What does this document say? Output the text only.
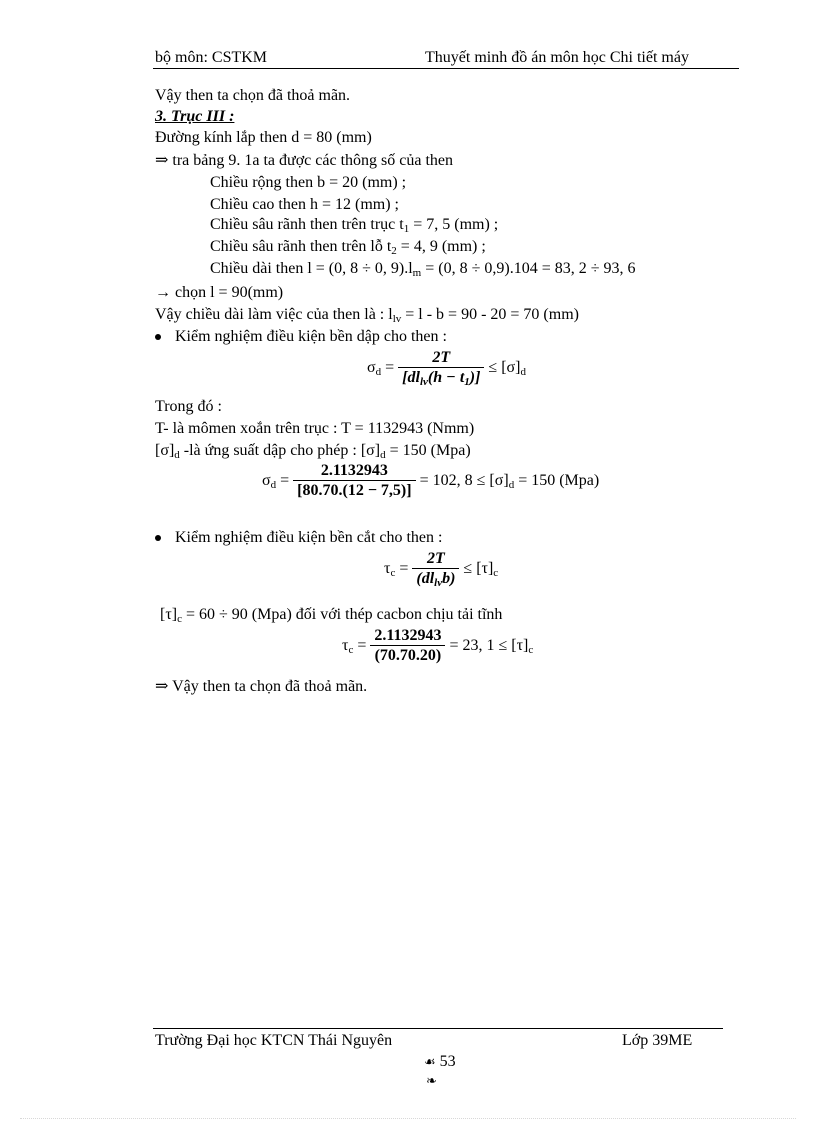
bộ môn: CSTKM	Thuyết minh đồ án môn học Chi tiết máy
Vậy then ta chọn đã thoả mãn.
3. Trục III :
Đường kính lắp then d = 80 (mm)
⇒ tra bảng 9. 1a ta được các thông số của then
Chiều rộng then b = 20 (mm) ;
Chiều cao then h = 12 (mm) ;
Chiều sâu rãnh then trên trục $t_1 = 7$, 5 (mm) ;
Chiều sâu rãnh then trên lỗ $t_2 = 4$, 9 (mm) ;
Chiều dài then l = (0, 8 ÷ 0, $9).l_m = (0$, 8 ÷ 0,9).104 = 83, 2 ÷ 93, 6
→ chọn l = 90(mm)
Vậy chiều dài làm việc của then là : $l_{lv} = l - b = 90 - 20 = 70$ (mm)
Kiểm nghiệm điều kiện bền dập cho then :
$\sigma_d = \frac{2T}{[dl_{lv}(h - t_1)]} \le [\sigma]_d$
Trong đó :
T- là mômen xoắn trên trục : T = 1132943 (Nmm)
$[\sigma]_d$ -là ứng suất dập cho phép : $[\sigma]_d = 150$ (Mpa)
$\sigma_d = \frac{2.1132943}{[80.70.(12 - 7,5)]} = 102$, $8 \le [\sigma]_d = 150$ (Mpa)
Kiểm nghiệm điều kiện bền cắt cho then :
$\tau_c = \frac{2T}{(dl_{lv}b)} \le [\tau]_c$
$[\tau]_c = 60 \div 90$ (Mpa) đối với thép cacbon chịu tải tĩnh
$\tau_c = \frac{2.1132943}{(70.70.20)} = 23$, $1 \le [\tau]_c$
⇒ Vậy then ta chọn đã thoả mãn.
Trường Đại học KTCN Thái Nguyên	Lớp 39ME
☙ 53
❧
